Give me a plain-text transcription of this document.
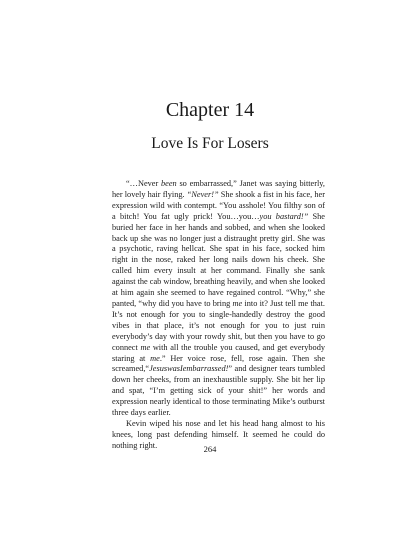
Chapter 14
Love Is For Losers

“…Never been so embarrassed,” Janet was saying bitterly, her lovely hair flying. “Never!” She shook a fist in his face, her expression wild with contempt. “You asshole! You filthy son of a bitch! You fat ugly prick! You…you…you bastard!” She buried her face in her hands and sobbed, and when she looked back up she was no longer just a distraught pretty girl. She was a psychotic, raving hellcat. She spat in his face, socked him right in the nose, raked her long nails down his cheek. She called him every insult at her command. Finally she sank against the cab window, breathing heavily, and when she looked at him again she seemed to have regained control. “Why,” she panted, “why did you have to bring me into it? Just tell me that. It’s not enough for you to single-handedly destroy the good vibes in that place, it’s not enough for you to just ruin everybody’s day with your rowdy shit, but then you have to go connect me with all the trouble you caused, and get everybody staring at me.” Her voice rose, fell, rose again. Then she screamed,“JesuswasIembarrassed!” and designer tears tumbled down her cheeks, from an inexhaustible supply. She bit her lip and spat, “I’m getting sick of your shit!” her words and expression nearly identical to those terminating Mike’s outburst three days earlier.

Kevin wiped his nose and let his head hang almost to his knees, long past defending himself. It seemed he could do nothing right.	264
